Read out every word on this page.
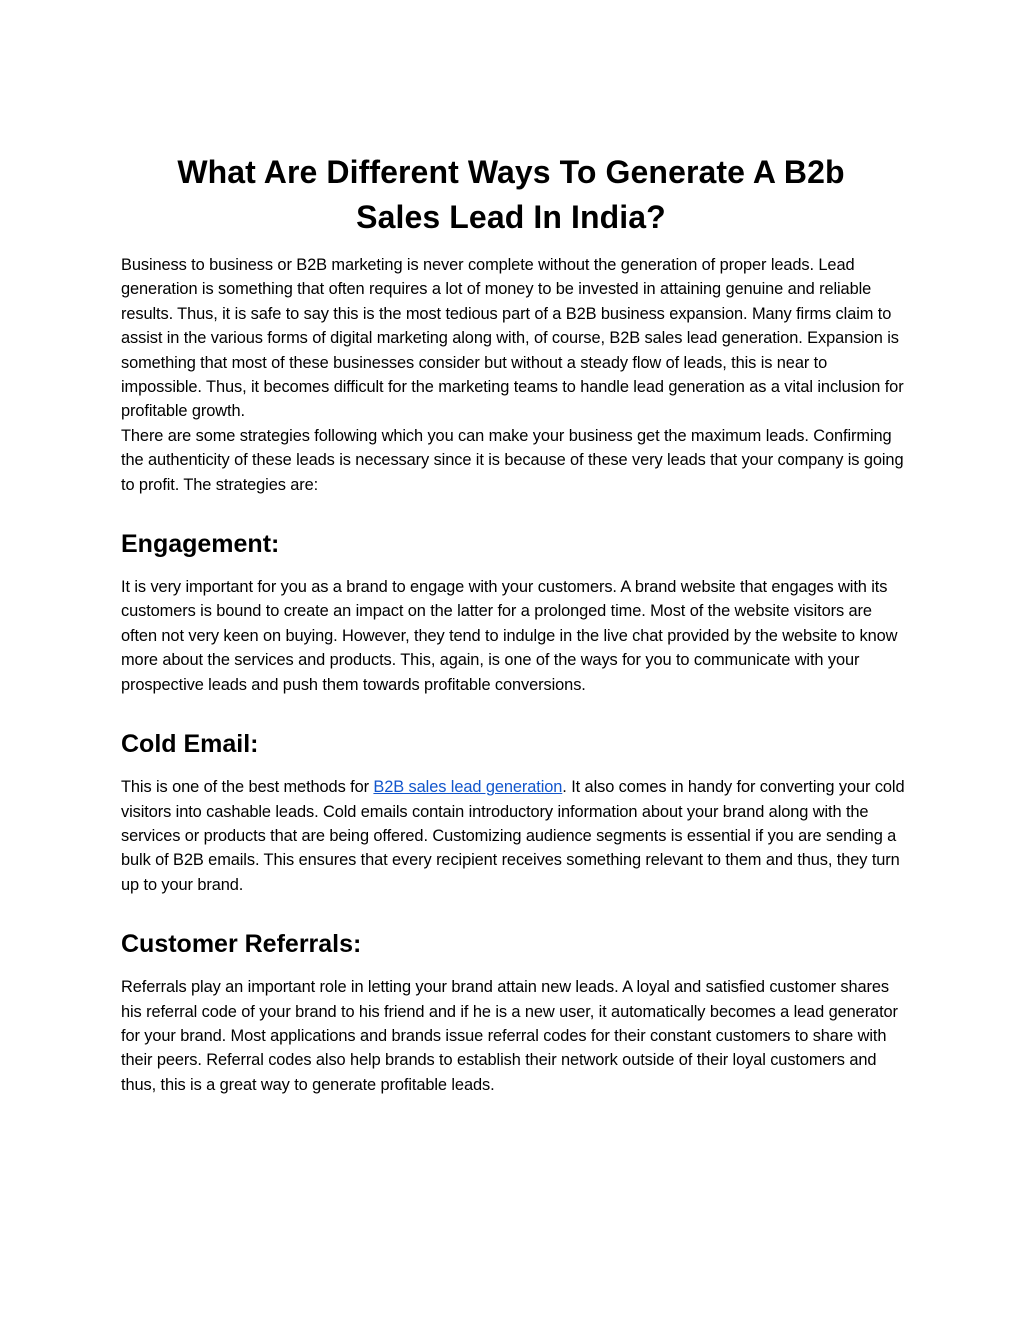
What Are Different Ways To Generate A B2b Sales Lead In India?

Business to business or B2B marketing is never complete without the generation of proper leads. Lead generation is something that often requires a lot of money to be invested in attaining genuine and reliable results. Thus, it is safe to say this is the most tedious part of a B2B business expansion. Many firms claim to assist in the various forms of digital marketing along with, of course, B2B sales lead generation. Expansion is something that most of these businesses consider but without a steady flow of leads, this is near to impossible. Thus, it becomes difficult for the marketing teams to handle lead generation as a vital inclusion for profitable growth.

There are some strategies following which you can make your business get the maximum leads. Confirming the authenticity of these leads is necessary since it is because of these very leads that your company is going to profit. The strategies are:

Engagement:

It is very important for you as a brand to engage with your customers. A brand website that engages with its customers is bound to create an impact on the latter for a prolonged time. Most of the website visitors are often not very keen on buying. However, they tend to indulge in the live chat provided by the website to know more about the services and products. This, again, is one of the ways for you to communicate with your prospective leads and push them towards profitable conversions.

Cold Email:

This is one of the best methods for B2B sales lead generation. It also comes in handy for converting your cold visitors into cashable leads. Cold emails contain introductory information about your brand along with the services or products that are being offered. Customizing audience segments is essential if you are sending a bulk of B2B emails. This ensures that every recipient receives something relevant to them and thus, they turn up to your brand.

Customer Referrals:

Referrals play an important role in letting your brand attain new leads. A loyal and satisfied customer shares his referral code of your brand to his friend and if he is a new user, it automatically becomes a lead generator for your brand. Most applications and brands issue referral codes for their constant customers to share with their peers. Referral codes also help brands to establish their network outside of their loyal customers and thus, this is a great way to generate profitable leads.
